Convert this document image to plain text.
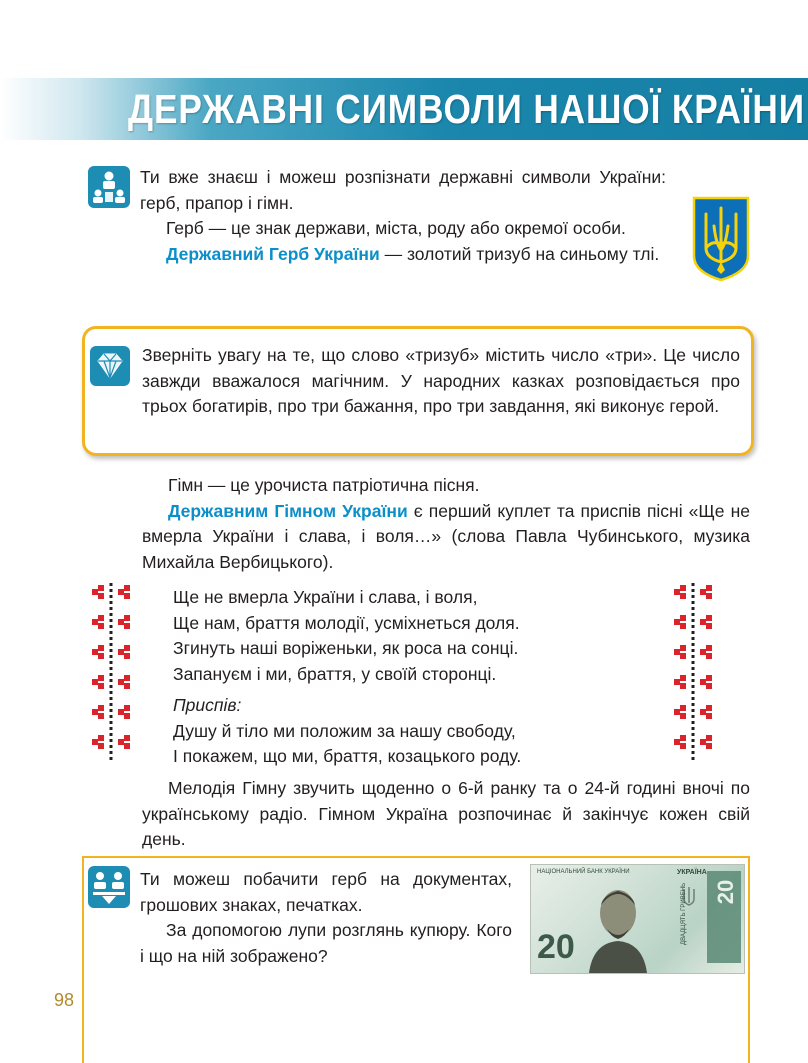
ДЕРЖАВНІ СИМВОЛИ НАШОЇ КРАЇНИ

Ти вже знаєш і можеш розпізнати державні символи України: герб, прапор і гімн.

Герб — це знак держави, міста, роду або окремої особи.

Державний Герб України — золотий тризуб на синьому тлі.

Зверніть увагу на те, що слово «тризуб» містить число «три». Це число завжди вважалося магічним. У народних казках розповідається про трьох богатирів, про три бажання, про три завдання, які виконує герой.

Гімн — це урочиста патріотична пісня.

Державним Гімном України є перший куплет та приспів пісні «Ще не вмерла України і слава, і воля…» (слова Павла Чубинського, музика Михайла Вербицького).

Ще не вмерла України і слава, і воля,
Ще нам, браття молодії, усміхнеться доля.
Згинуть наші воріженьки, як роса на сонці.
Запануєм і ми, браття, у своїй сторонці.
Приспів:
Душу й тіло ми положим за нашу свободу,
І покажем, що ми, браття, козацького роду.
Мелодія Гімну звучить щоденно о 6-й ранку та о 24-й годині вночі по українському радіо. Гімном Україна розпочинає й закінчує кожен свій день.

Ти можеш побачити герб на документах, грошових знаках, печатках.

За допомогою лупи розглянь купюру. Кого і що на ній зображено?

НАЦІОНАЛЬНИЙ БАНК УКРАЇНИ	УКРАЇНА
20
20
ДВАДЦЯТЬ ГРИВЕНЬ
98
